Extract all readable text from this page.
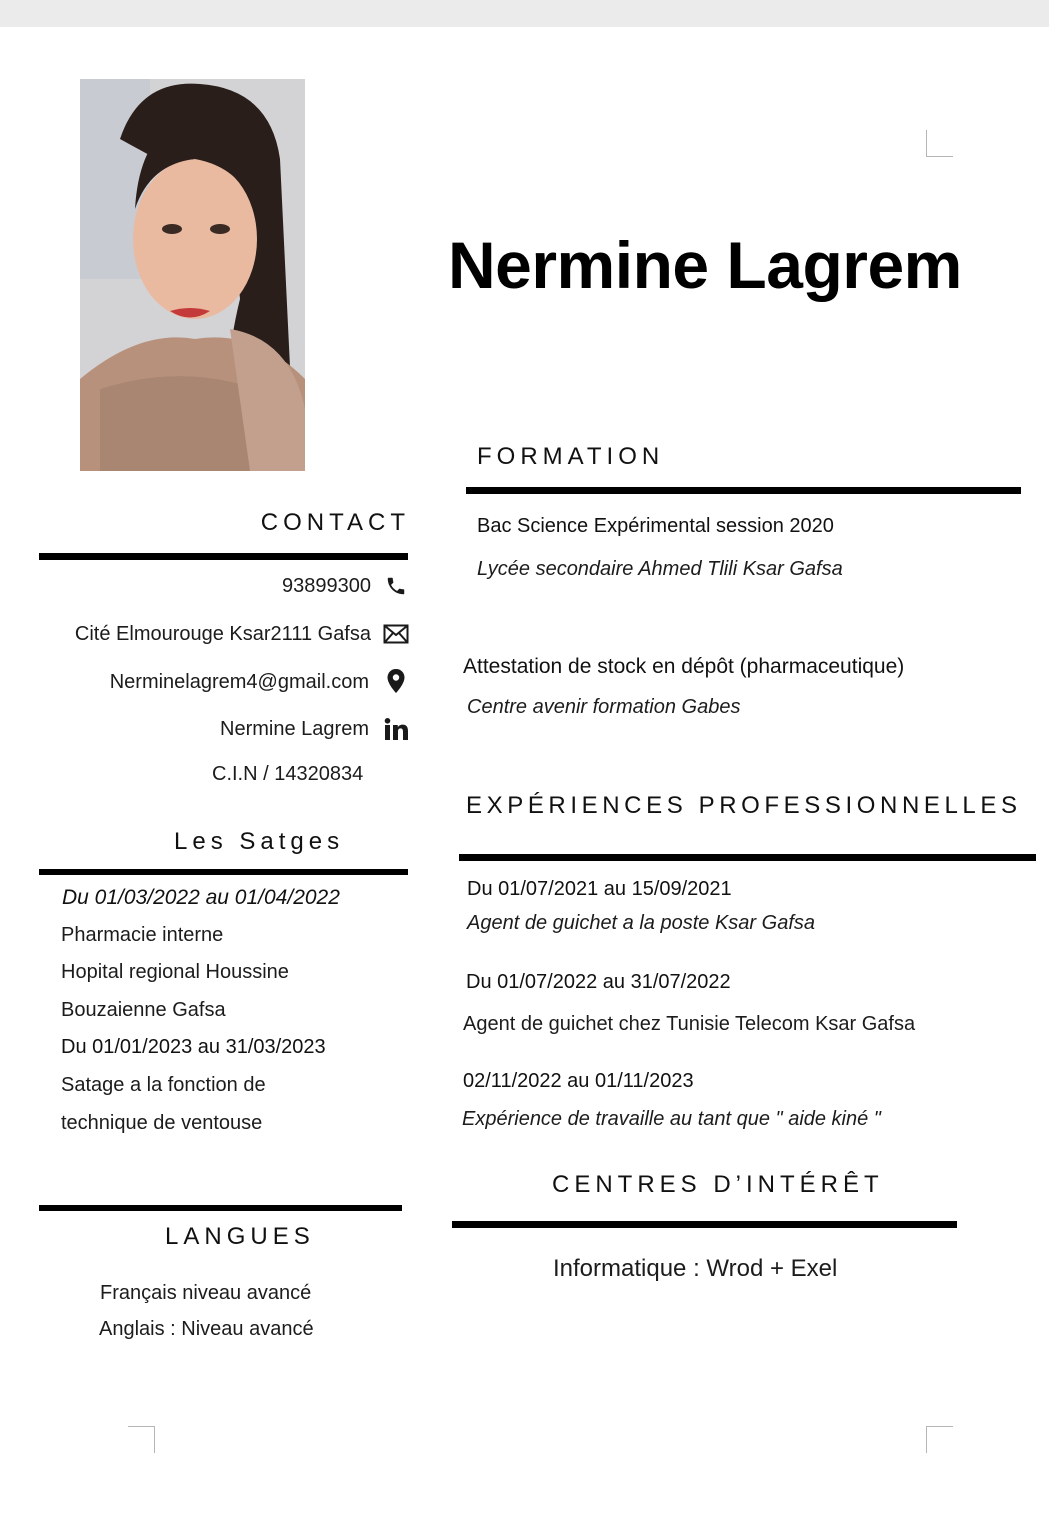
Nermine Lagrem
CONTACT
93899300
Cité Elmourouge Ksar2111 Gafsa
Nerminelagrem4@gmail.com
Nermine Lagrem
C.I.N / 14320834
Les Satges
Du 01/03/2022 au 01/04/2022
Pharmacie interne
Hopital regional Houssine
Bouzaienne Gafsa
Du 01/01/2023 au 31/03/2023
Satage a la fonction de
technique de ventouse
LANGUES
Français niveau avancé
Anglais : Niveau avancé
FORMATION
Bac Science Expérimental session 2020
Lycée secondaire Ahmed Tlili Ksar Gafsa
Attestation de stock en dépôt (pharmaceutique)
Centre avenir formation Gabes
EXPÉRIENCES PROFESSIONNELLES
Du 01/07/2021 au 15/09/2021
Agent de guichet a la poste Ksar Gafsa
Du 01/07/2022 au 31/07/2022
Agent de guichet chez Tunisie Telecom Ksar Gafsa
02/11/2022 au 01/11/2023
Expérience de travaille au tant que " aide kiné "
CENTRES D’INTÉRÊT
Informatique : Wrod + Exel
